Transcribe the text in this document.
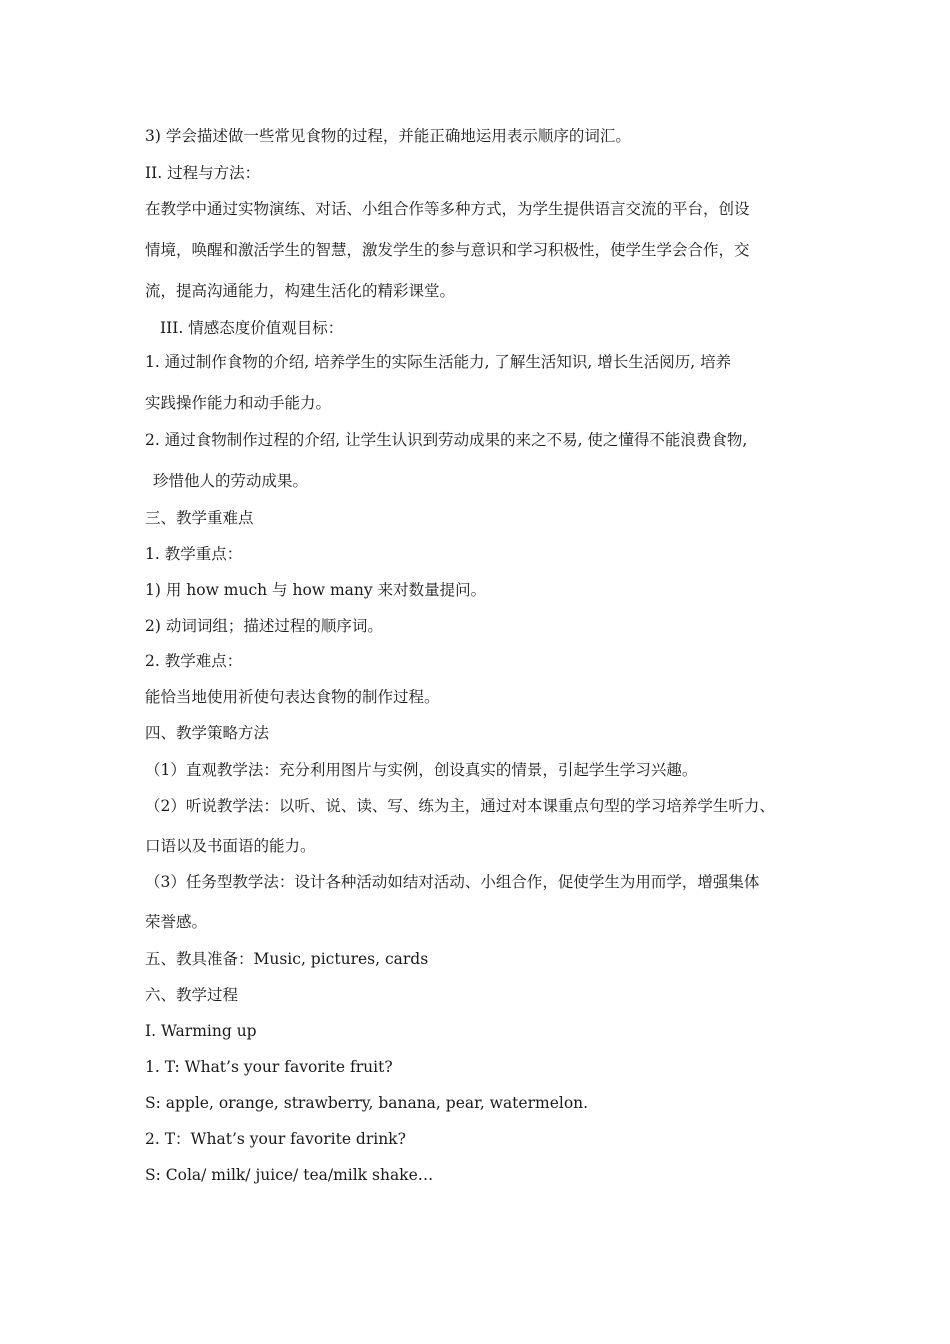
3) 学会描述做一些常见食物的过程，并能正确地运用表示顺序的词汇。
II. 过程与方法：
在教学中通过实物演练、对话、小组合作等多种方式，为学生提供语言交流的平台，创设
情境，唤醒和激活学生的智慧，激发学生的参与意识和学习积极性，使学生学会合作，交
流，提高沟通能力，构建生活化的精彩课堂。
III. 情感态度价值观目标：
1. 通过制作食物的介绍, 培养学生的实际生活能力, 了解生活知识, 增长生活阅历, 培养
实践操作能力和动手能力。
2. 通过食物制作过程的介绍, 让学生认识到劳动成果的来之不易, 使之懂得不能浪费食物,
珍惜他人的劳动成果。
三、教学重难点
1. 教学重点：
1) 用 how much 与 how many 来对数量提问。
2) 动词词组；描述过程的顺序词。
2. 教学难点：
能恰当地使用祈使句表达食物的制作过程。
四、教学策略方法
（1）直观教学法：充分利用图片与实例，创设真实的情景，引起学生学习兴趣。
（2）听说教学法：以听、说、读、写、练为主，通过对本课重点句型的学习培养学生听力、
口语以及书面语的能力。
（3）任务型教学法：设计各种活动如结对活动、小组合作，促使学生为用而学，增强集体
荣誉感。
五、教具准备：Music, pictures, cards
六、教学过程
I. Warming up
1. T: What’s your favorite fruit?
S: apple, orange, strawberry, banana, pear, watermelon.
2. T：What’s your favorite drink?
S: Cola/ milk/ juice/ tea/milk shake…
